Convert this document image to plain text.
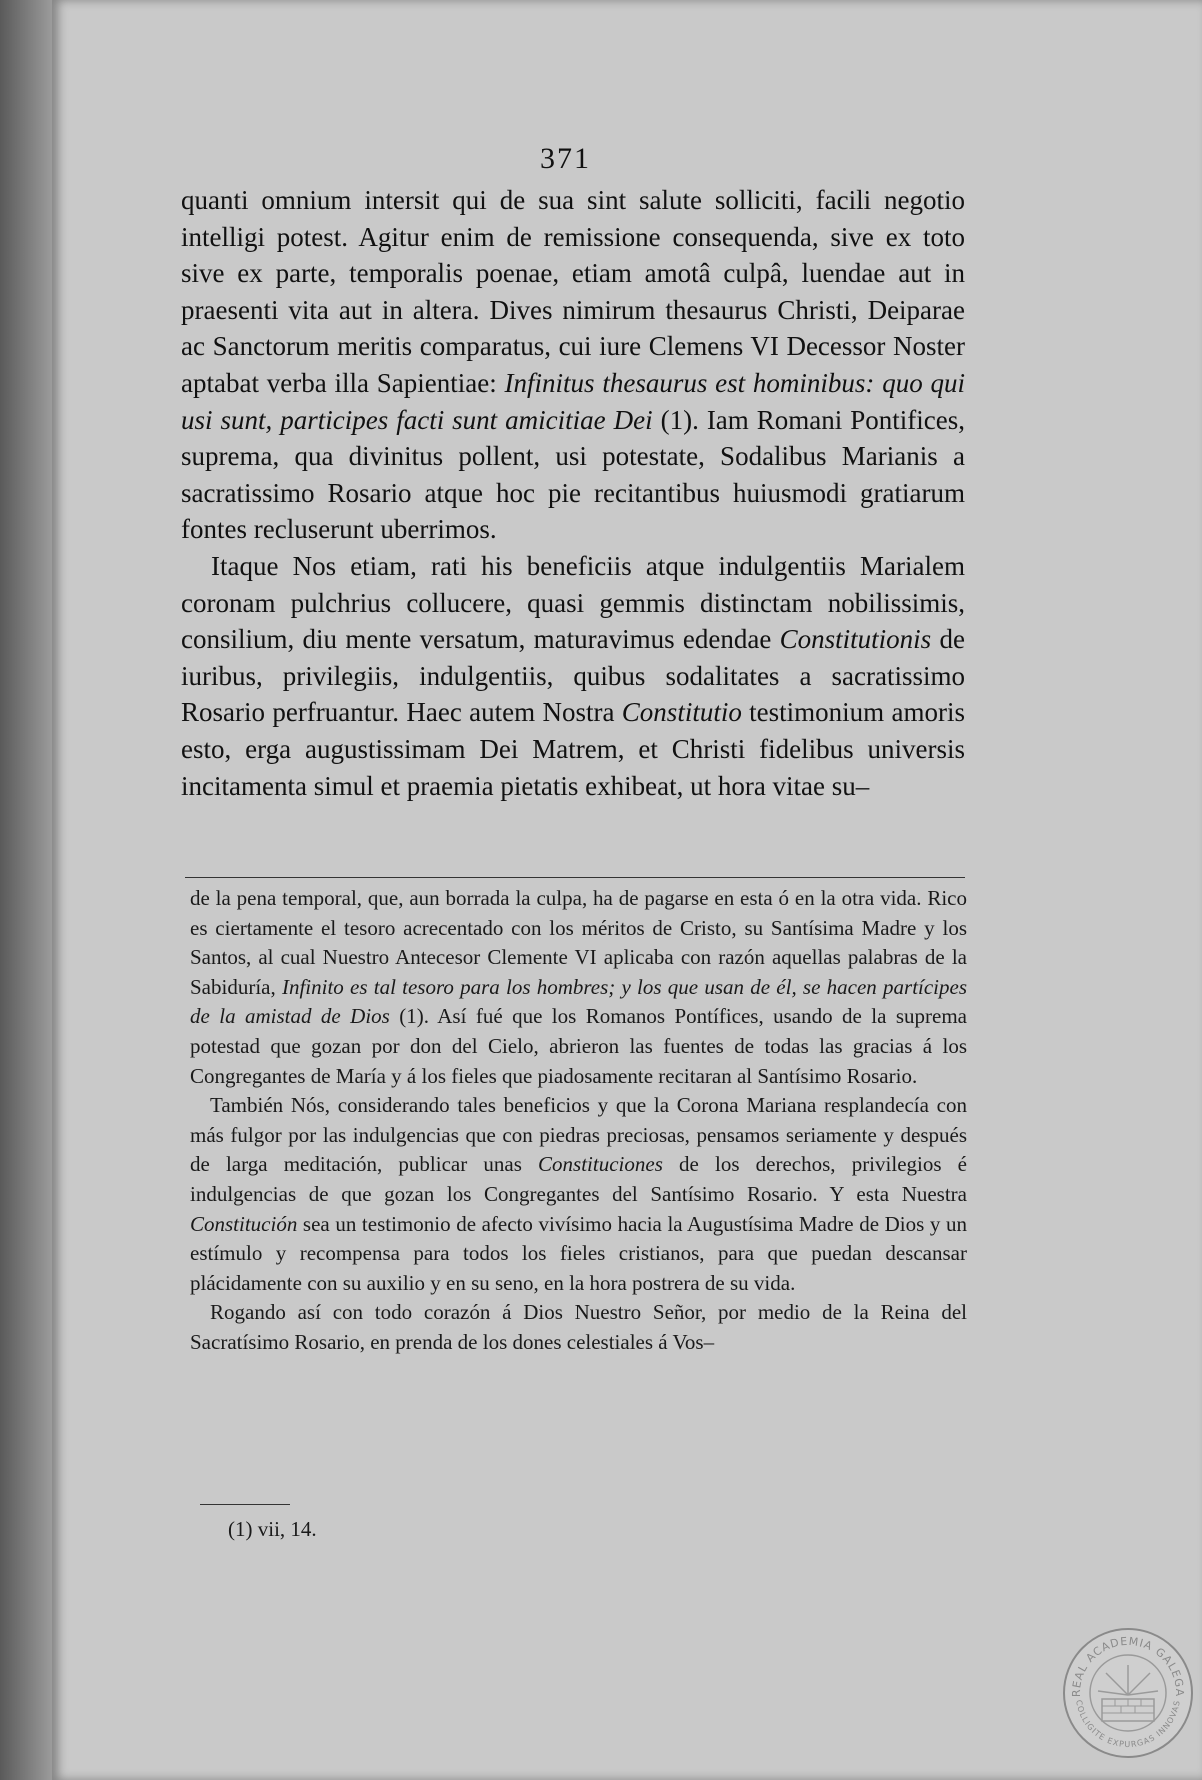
371

quanti omnium intersit qui de sua sint salute solliciti, facili negotio intelligi potest. Agitur enim de remissione consequenda, sive ex toto sive ex parte, temporalis poenae, etiam amotâ culpâ, luendae aut in praesenti vita aut in altera. Dives nimirum thesaurus Christi, Deiparae ac Sanctorum meritis comparatus, cui iure Clemens VI Decessor Noster aptabat verba illa Sapientiae: Infinitus thesaurus est hominibus: quo qui usi sunt, participes facti sunt amicitiae Dei (1). Iam Romani Pontifices, suprema, qua divinitus pollent, usi potestate, Sodalibus Marianis a sacratissimo Rosario atque hoc pie recitantibus huiusmodi gratiarum fontes recluserunt uberrimos.

Itaque Nos etiam, rati his beneficiis atque indulgentiis Marialem coronam pulchrius collucere, quasi gemmis distinctam nobilissimis, consilium, diu mente versatum, maturavimus edendae Constitutionis de iuribus, privilegiis, indulgentiis, quibus sodalitates a sacratissimo Rosario perfruantur. Haec autem Nostra Constitutio testimonium amoris esto, erga augustissimam Dei Matrem, et Christi fidelibus universis incitamenta simul et praemia pietatis exhibeat, ut hora vitae su–

de la pena temporal, que, aun borrada la culpa, ha de pagarse en esta ó en la otra vida. Rico es ciertamente el tesoro acrecentado con los méritos de Cristo, su Santísima Madre y los Santos, al cual Nuestro Antecesor Clemente VI aplicaba con razón aquellas palabras de la Sabiduría, Infinito es tal tesoro para los hombres; y los que usan de él, se hacen partícipes de la amistad de Dios (1). Así fué que los Romanos Pontífices, usando de la suprema potestad que gozan por don del Cielo, abrieron las fuentes de todas las gracias á los Congregantes de María y á los fieles que piadosamente recitaran al Santísimo Rosario.

También Nós, considerando tales beneficios y que la Corona Mariana resplandecía con más fulgor por las indulgencias que con piedras preciosas, pensamos seriamente y después de larga meditación, publicar unas Constituciones de los derechos, privilegios é indulgencias de que gozan los Congregantes del Santísimo Rosario. Y esta Nuestra Constitución sea un testimonio de afecto vivísimo hacia la Augustísima Madre de Dios y un estímulo y recompensa para todos los fieles cristianos, para que puedan descansar plácidamente con su auxilio y en su seno, en la hora postrera de su vida.

Rogando así con todo corazón á Dios Nuestro Señor, por medio de la Reina del Sacratísimo Rosario, en prenda de los dones celestiales á Vos–

(1) vii, 14.
REAL ACADEMIA GALEGA
COLLIGITE EXPURGAS INNOVAS
